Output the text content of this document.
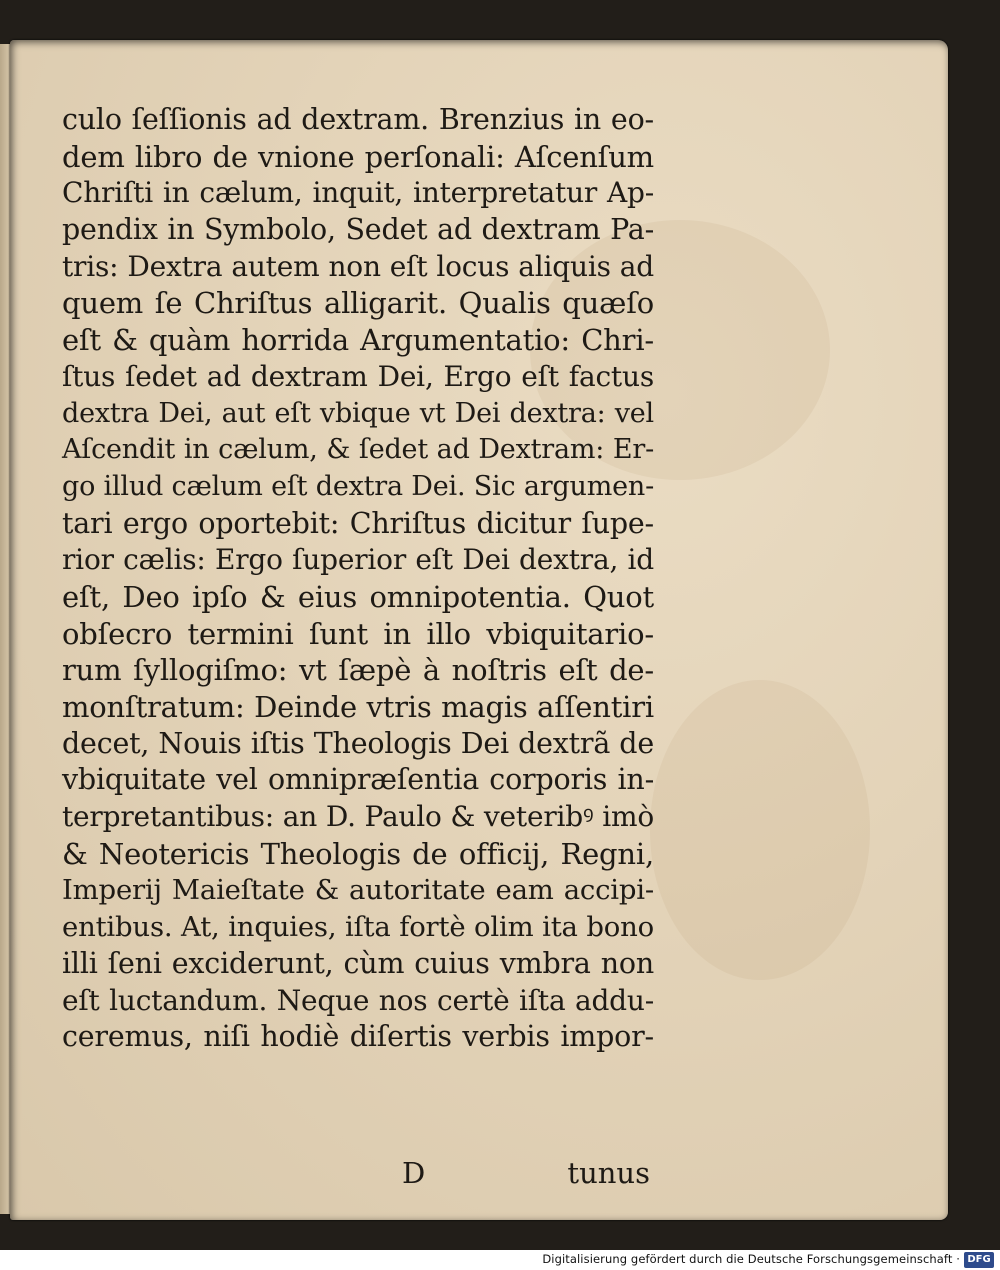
culo ſeſſionis ad dextram. Brenzius in eo-
dem libro de vnione perſonali: Aſcenſum
Chriſti in cælum, inquit, interpretatur Ap-
pendix in Symbolo, Sedet ad dextram Pa-
tris: Dextra autem non eſt locus aliquis ad
quem ſe Chriſtus alligarit. Qualis quæſo
eſt & quàm horrida Argumentatio: Chri-
ſtus ſedet ad dextram Dei, Ergo eſt factus
dextra Dei, aut eſt vbique vt Dei dextra: vel
Aſcendit in cælum, & ſedet ad Dextram: Er-
go illud cælum eſt dextra Dei. Sic argumen-
tari ergo oportebit: Chriſtus dicitur ſupe-
rior cælis: Ergo ſuperior eſt Dei dextra, id
eſt, Deo ipſo & eius omnipotentia. Quot
obſecro termini ſunt in illo vbiquitario-
rum ſyllogiſmo: vt ſæpè à noſtris eſt de-
monſtratum: Deinde vtris magis aſſentiri
decet, Nouis iſtis Theologis Dei dextrã de
vbiquitate vel omnipræſentia corporis in-
terpretantibus: an D. Paulo & veteribꝰ imò
& Neotericis Theologis de officij, Regni,
Imperij Maieſtate & autoritate eam accipi-
entibus. At, inquies, iſta fortè olim ita bono
illi ſeni exciderunt, cùm cuius vmbra non
eſt luctandum. Neque nos certè iſta addu-
ceremus, niſi hodiè diſertis verbis impor-
D	tunus
Digitalisierung gefördert durch die Deutsche Forschungsgemeinschaft · DFG
